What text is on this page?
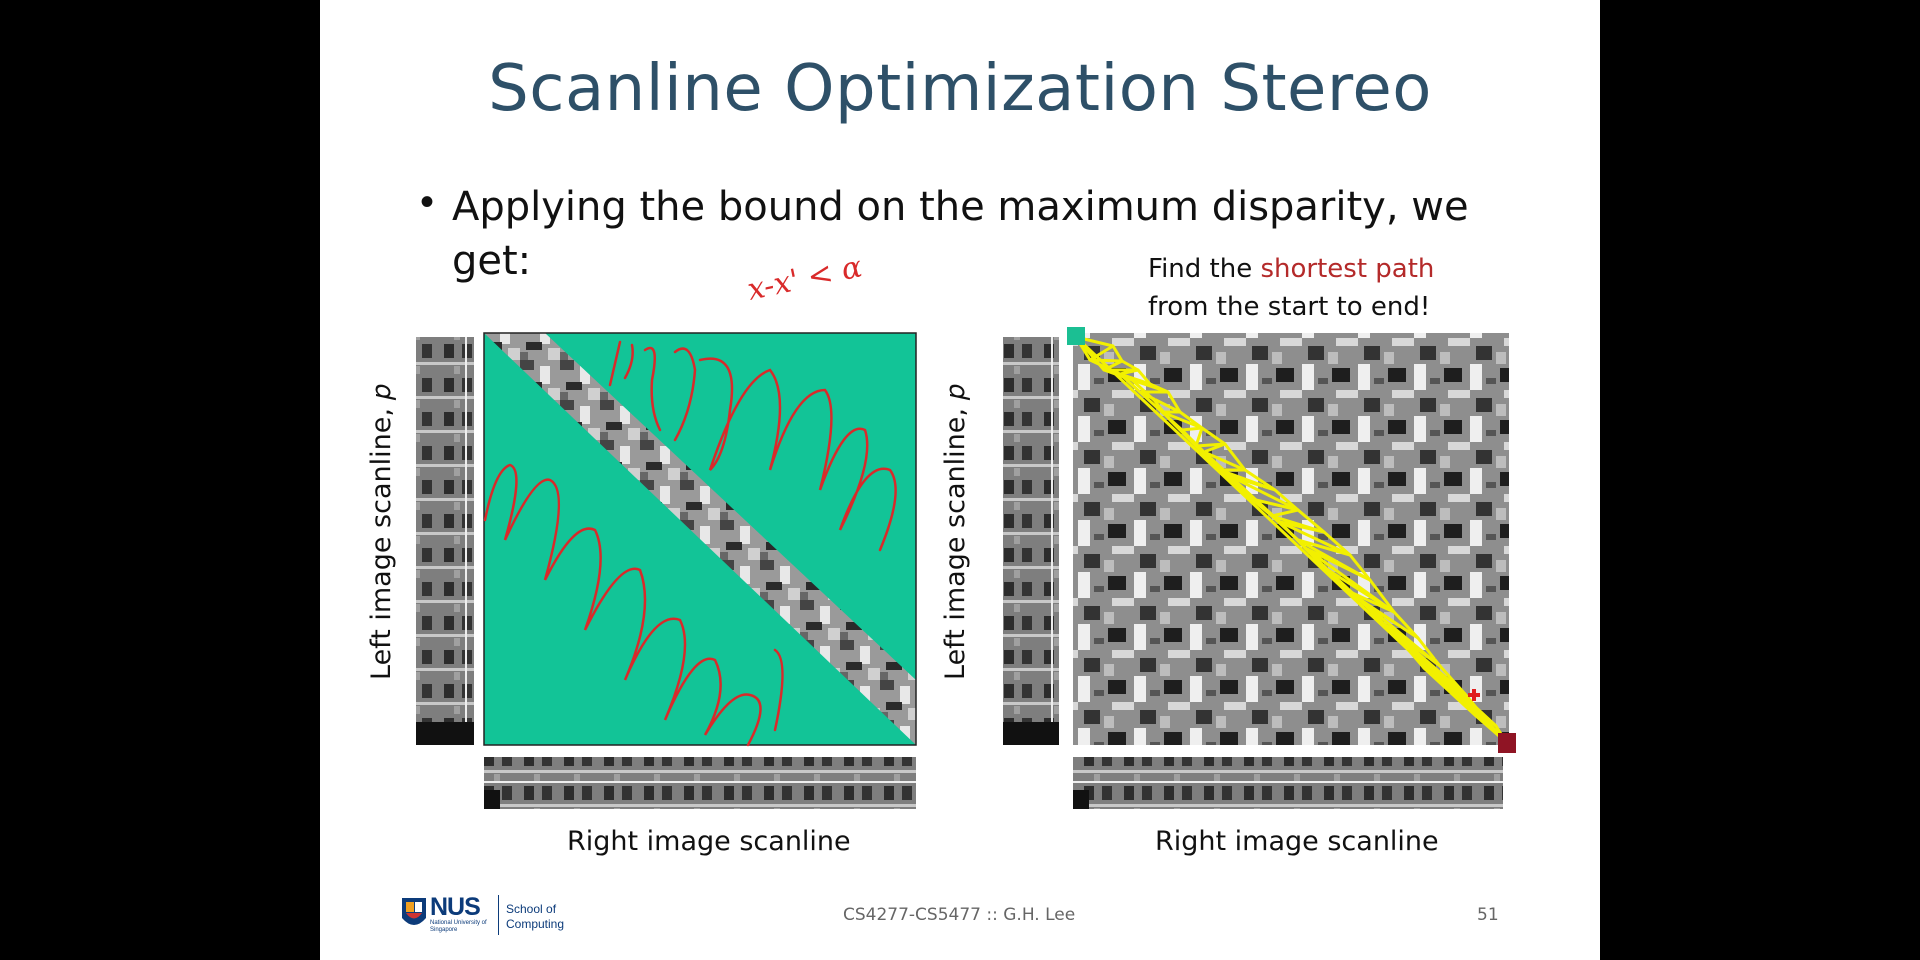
Scanline Optimization Stereo
• Applying the bound on the maximum disparity, we
get:	Find the shortest path
from the start to end!
x-x' < α
Left image scanline, 𝑝	Left image scanline, 𝑝
Right image scanline	Right image scanline
NUS
National University of Singapore
School of
Computing	CS4277-CS5477 :: G.H. Lee	51
